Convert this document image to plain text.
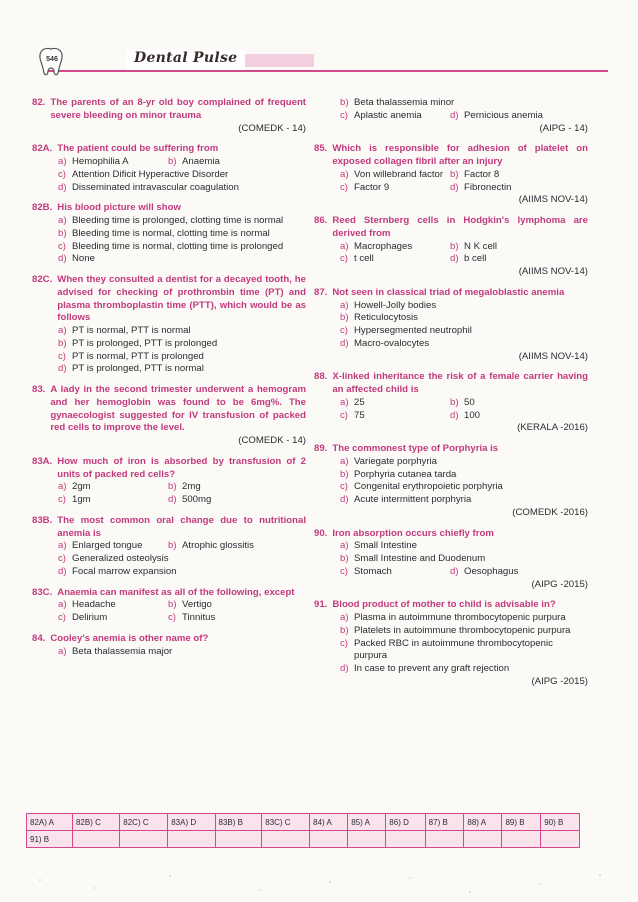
546	Dental Pulse
82. The parents of an 8-yr old boy complained of frequent severe bleeding on minor trauma
(COMEDK - 14)
82A. The patient could be suffering from
a) Hemophilia A	b) Anaemia
c) Attention Dificit Hyperactive Disorder
d) Disseminated intravascular coagulation
82B. His blood picture will show
a) Bleeding time is prolonged, clotting time is normal
b) Bleeding time is normal, clotting time is normal
c) Bleeding time is normal, clotting time is prolonged
d) None
82C. When they consulted a dentist for a decayed tooth, he advised for checking of prothrombin time (PT) and plasma thromboplastin time (PTT), which would be as follows
a) PT is normal, PTT is normal
b) PT is prolonged, PTT is prolonged
c) PT is normal, PTT is prolonged
d) PT is prolonged, PTT is normal
83. A lady in the second trimester underwent a hemogram and her hemoglobin was found to be 6mg%. The gynaecologist suggested for IV transfusion of packed red cells to improve the level.
(COMEDK - 14)
83A. How much of iron is absorbed by transfusion of 2 units of packed red cells?
a) 2gm	b) 2mg
c) 1gm	d) 500mg
83B. The most common oral change due to nutritional anemia is
a) Enlarged tongue	b) Atrophic glossitis
c) Generalized osteolysis
d) Focal marrow expansion
83C. Anaemia can manifest as all of the following, except
a) Headache	b) Vertigo
c) Delirium	c) Tinnitus
84. Cooley's anemia is other name of?
a) Beta thalassemia major
b) Beta thalassemia minor
c) Aplastic anemia	d) Pernicious anemia
(AIPG - 14)
85. Which is responsible for adhesion of platelet on exposed collagen fibril after an injury
a) Von willebrand factor b) Factor 8
c) Factor 9	d) Fibronectin
(AIIMS NOV-14)
86. Reed Sternberg cells in Hodgkin's lymphoma are derived from
a) Macrophages	b) N K cell
c) t cell	d) b cell
(AIIMS NOV-14)
87. Not seen in classical triad of megaloblastic anemia
a) Howell-Jolly bodies
b) Reticulocytosis
c) Hypersegmented neutrophil
d) Macro-ovalocytes
(AIIMS NOV-14)
88. X-linked inheritance the risk of a female carrier having an affected child is
a) 25	b) 50
c) 75	d) 100
(KERALA -2016)
89. The commonest type of Porphyria is
a) Variegate porphyria
b) Porphyria cutanea tarda
c) Congenital erythropoietic porphyria
d) Acute intermittent porphyria
(COMEDK -2016)
90. Iron absorption occurs chiefly from
a) Small Intestine
b) Small Intestine and Duodenum
c) Stomach	d) Oesophagus
(AIPG -2015)
91. Blood product of mother to child is advisable in?
a) Plasma in autoimmune thrombocytopenic purpura
b) Platelets in autoimmune thrombocytopenic purpura
c) Packed RBC in autoimmune thrombocytopenic purpura
d) In case to prevent any graft rejection
(AIPG -2015)
82A) A	82B) C	82C) C	83A) D	83B) B	83C) C	84) A	85) A	86) D	87) B	88) A	89) B	90) B
91) B												
